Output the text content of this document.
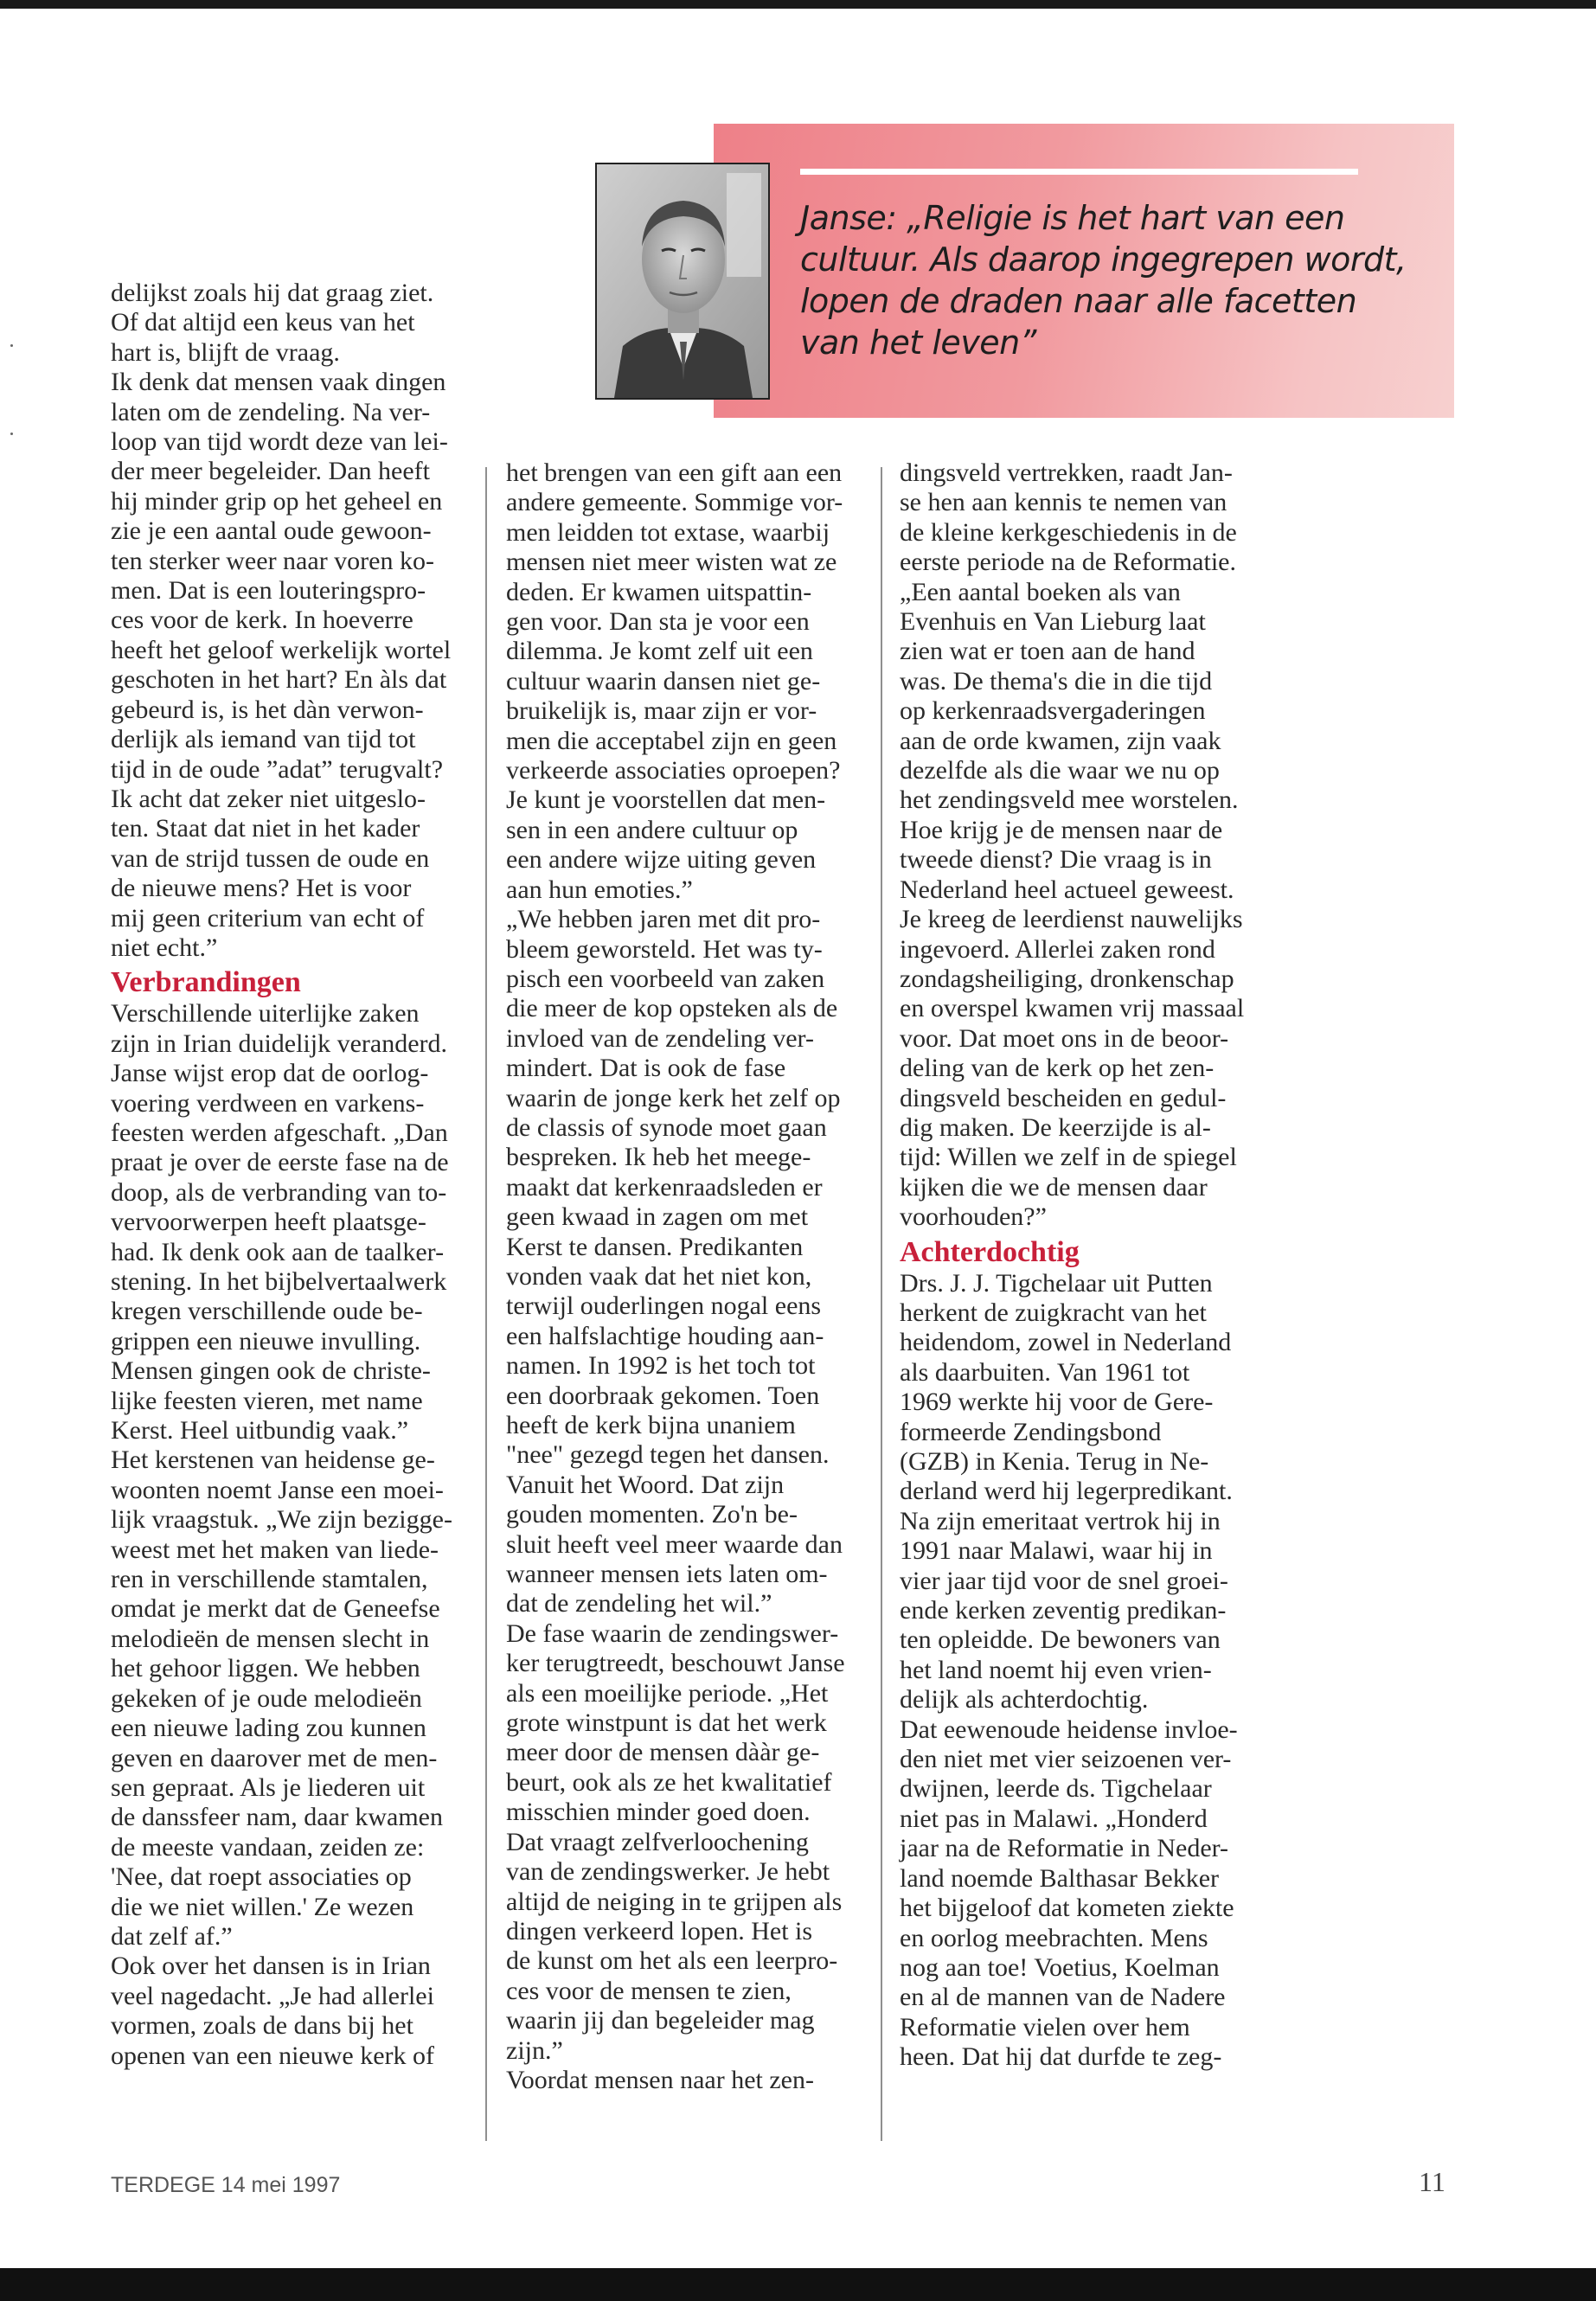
Janse: „Religie is het hart van een
cultuur. Als daarop ingegrepen wordt,
lopen de draden naar alle facetten
van het leven”
delijkst zoals hij dat graag ziet.
Of dat altijd een keus van het
hart is, blijft de vraag.
Ik denk dat mensen vaak dingen
laten om de zendeling. Na ver-
loop van tijd wordt deze van lei-
der meer begeleider. Dan heeft
hij minder grip op het geheel en
zie je een aantal oude gewoon-
ten sterker weer naar voren ko-
men. Dat is een louteringspro-
ces voor de kerk. In hoeverre
heeft het geloof werkelijk wortel
geschoten in het hart? En àls dat
gebeurd is, is het dàn verwon-
derlijk als iemand van tijd tot
tijd in de oude ”adat” terugvalt?
Ik acht dat zeker niet uitgeslo-
ten. Staat dat niet in het kader
van de strijd tussen de oude en
de nieuwe mens? Het is voor
mij geen criterium van echt of
niet echt.”
Verbrandingen
Verschillende uiterlijke zaken
zijn in Irian duidelijk veranderd.
Janse wijst erop dat de oorlog-
voering verdween en varkens-
feesten werden afgeschaft. „Dan
praat je over de eerste fase na de
doop, als de verbranding van to-
vervoorwerpen heeft plaatsge-
had. Ik denk ook aan de taalker-
stening. In het bijbelvertaalwerk
kregen verschillende oude be-
grippen een nieuwe invulling.
Mensen gingen ook de christe-
lijke feesten vieren, met name
Kerst. Heel uitbundig vaak.”
Het kerstenen van heidense ge-
woonten noemt Janse een moei-
lijk vraagstuk. „We zijn bezigge-
weest met het maken van liede-
ren in verschillende stamtalen,
omdat je merkt dat de Geneefse
melodieën de mensen slecht in
het gehoor liggen. We hebben
gekeken of je oude melodieën
een nieuwe lading zou kunnen
geven en daarover met de men-
sen gepraat. Als je liederen uit
de danssfeer nam, daar kwamen
de meeste vandaan, zeiden ze:
'Nee, dat roept associaties op
die we niet willen.' Ze wezen
dat zelf af.”
Ook over het dansen is in Irian
veel nagedacht. „Je had allerlei
vormen, zoals de dans bij het
openen van een nieuwe kerk of
het brengen van een gift aan een
andere gemeente. Sommige vor-
men leidden tot extase, waarbij
mensen niet meer wisten wat ze
deden. Er kwamen uitspattin-
gen voor. Dan sta je voor een
dilemma. Je komt zelf uit een
cultuur waarin dansen niet ge-
bruikelijk is, maar zijn er vor-
men die acceptabel zijn en geen
verkeerde associaties oproepen?
Je kunt je voorstellen dat men-
sen in een andere cultuur op
een andere wijze uiting geven
aan hun emoties.”
„We hebben jaren met dit pro-
bleem geworsteld. Het was ty-
pisch een voorbeeld van zaken
die meer de kop opsteken als de
invloed van de zendeling ver-
mindert. Dat is ook de fase
waarin de jonge kerk het zelf op
de classis of synode moet gaan
bespreken. Ik heb het meege-
maakt dat kerkenraadsleden er
geen kwaad in zagen om met
Kerst te dansen. Predikanten
vonden vaak dat het niet kon,
terwijl ouderlingen nogal eens
een halfslachtige houding aan-
namen. In 1992 is het toch tot
een doorbraak gekomen. Toen
heeft de kerk bijna unaniem
"nee" gezegd tegen het dansen.
Vanuit het Woord. Dat zijn
gouden momenten. Zo'n be-
sluit heeft veel meer waarde dan
wanneer mensen iets laten om-
dat de zendeling het wil.”
De fase waarin de zendingswer-
ker terugtreedt, beschouwt Janse
als een moeilijke periode. „Het
grote winstpunt is dat het werk
meer door de mensen dààr ge-
beurt, ook als ze het kwalitatief
misschien minder goed doen.
Dat vraagt zelfverloochening
van de zendingswerker. Je hebt
altijd de neiging in te grijpen als
dingen verkeerd lopen. Het is
de kunst om het als een leerpro-
ces voor de mensen te zien,
waarin jij dan begeleider mag
zijn.”
Voordat mensen naar het zen-
dingsveld vertrekken, raadt Jan-
se hen aan kennis te nemen van
de kleine kerkgeschiedenis in de
eerste periode na de Reformatie.
„Een aantal boeken als van
Evenhuis en Van Lieburg laat
zien wat er toen aan de hand
was. De thema's die in die tijd
op kerkenraadsvergaderingen
aan de orde kwamen, zijn vaak
dezelfde als die waar we nu op
het zendingsveld mee worstelen.
Hoe krijg je de mensen naar de
tweede dienst? Die vraag is in
Nederland heel actueel geweest.
Je kreeg de leerdienst nauwelijks
ingevoerd. Allerlei zaken rond
zondagsheiliging, dronkenschap
en overspel kwamen vrij massaal
voor. Dat moet ons in de beoor-
deling van de kerk op het zen-
dingsveld bescheiden en gedul-
dig maken. De keerzijde is al-
tijd: Willen we zelf in de spiegel
kijken die we de mensen daar
voorhouden?”
Achterdochtig
Drs. J. J. Tigchelaar uit Putten
herkent de zuigkracht van het
heidendom, zowel in Nederland
als daarbuiten. Van 1961 tot
1969 werkte hij voor de Gere-
formeerde Zendingsbond
(GZB) in Kenia. Terug in Ne-
derland werd hij legerpredikant.
Na zijn emeritaat vertrok hij in
1991 naar Malawi, waar hij in
vier jaar tijd voor de snel groei-
ende kerken zeventig predikan-
ten opleidde. De bewoners van
het land noemt hij even vrien-
delijk als achterdochtig.
Dat eewenoude heidense invloe-
den niet met vier seizoenen ver-
dwijnen, leerde ds. Tigchelaar
niet pas in Malawi. „Honderd
jaar na de Reformatie in Neder-
land noemde Balthasar Bekker
het bijgeloof dat kometen ziekte
en oorlog meebrachten. Mens
nog aan toe! Voetius, Koelman
en al de mannen van de Nadere
Reformatie vielen over hem
heen. Dat hij dat durfde te zeg-
TERDEGE 14 mei 1997	11
